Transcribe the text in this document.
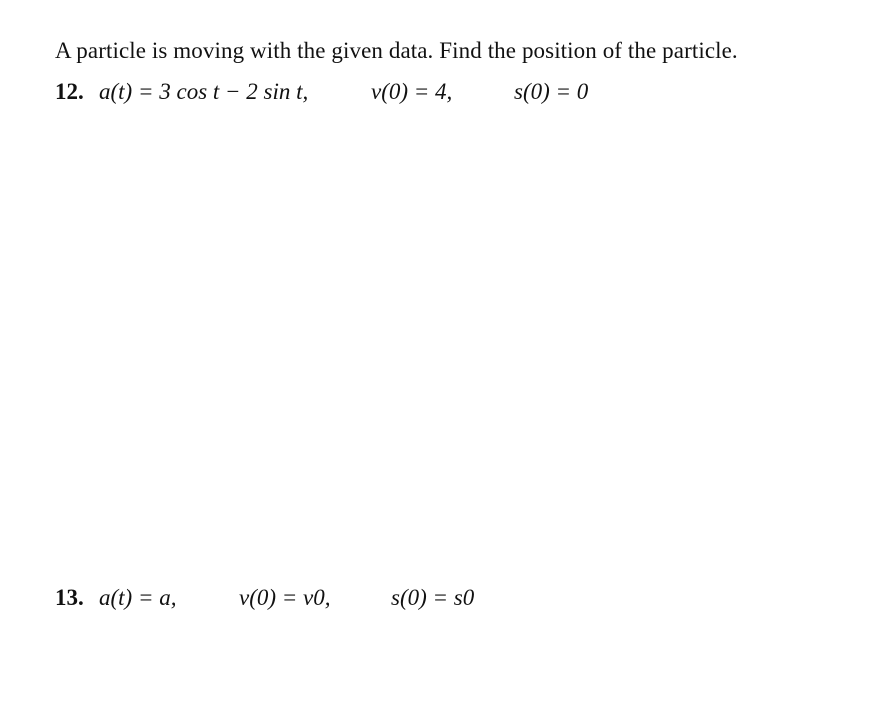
A particle is moving with the given data. Find the position of the particle.
12. a(t) = 3 cos t − 2 sin t,	v(0) = 4,	s(0) = 0
13. a(t) = a,	v(0) = v0,	s(0) = s0
